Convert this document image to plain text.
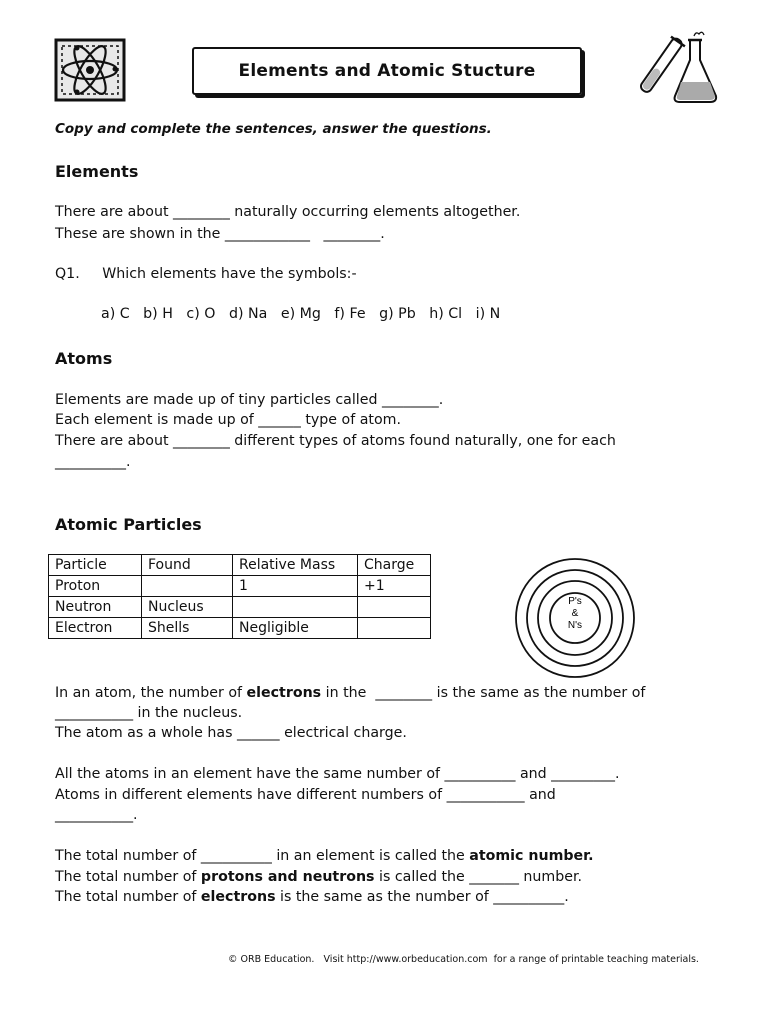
Elements and Atomic Stucture
Copy and complete the sentences, answer the questions.
Elements
There are about ________ naturally occurring elements altogether.
These are shown in the ____________   ________.
Q1.     Which elements have the symbols:-
a) C   b) H   c) O   d) Na   e) Mg   f) Fe   g) Pb   h) Cl   i) N
Atoms
Elements are made up of tiny particles called ________.
Each element is made up of ______ type of atom.
There are about ________ different types of atoms found naturally, one for each
__________.
Atomic Particles
Particle	Found	Relative Mass	Charge
Proton		1	+1
Neutron	Nucleus		
Electron	Shells	Negligible	
P's
&
N's
In an atom, the number of electrons in the  ________ is the same as the number of
___________ in the nucleus.
The atom as a whole has ______ electrical charge.
All the atoms in an element have the same number of __________ and _________.
Atoms in different elements have different numbers of ___________ and
___________.
The total number of __________ in an element is called the atomic number.
The total number of protons and neutrons is called the _______ number.
The total number of electrons is the same as the number of __________.
© ORB Education.   Visit http://www.orbeducation.com  for a range of printable teaching materials.
